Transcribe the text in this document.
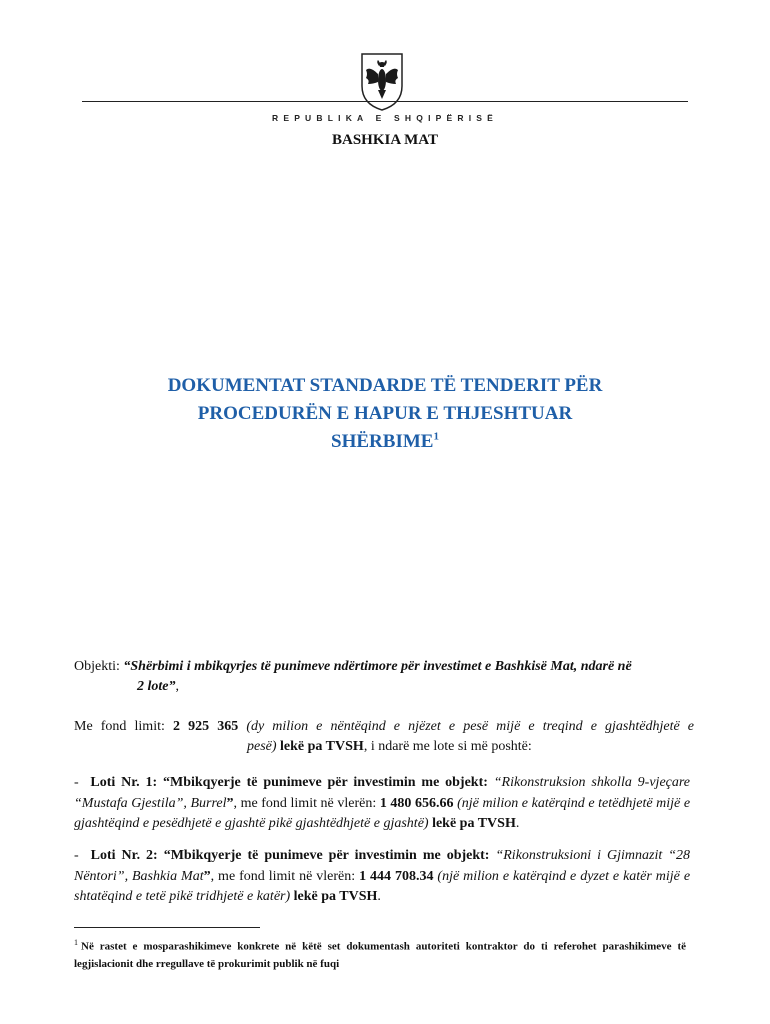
REPUBLIKA E SHQIPËRISË
BASHKIA MAT
DOKUMENTAT STANDARDE TË TENDERIT PËR
PROCEDURËN E HAPUR E THJESHTUAR
SHËRBIME$^1$
Objekti: “Shërbimi i mbikqyrjes të punimeve ndërtimore për investimet e Bashkisë Mat, ndarë në
2 lote”,
Me fond limit: 2 925 365 (dy milion e nëntëqind e njëzet e pesë mijë e treqind e gjashtëdhjetë e
pesë) lekë pa TVSH, i ndarë me lote si më poshtë:
- Loti Nr. 1: “Mbikqyerje të punimeve për investimin me objekt: “Rikonstruksion shkolla 9-vjeçare “Mustafa Gjestila”, Burrel”, me fond limit në vlerën: 1 480 656.66 (një milion e katërqind e tetëdhjetë mijë e gjashtëqind e pesëdhjetë e gjashtë pikë gjashtëdhjetë e gjashtë) lekë pa TVSH.
- Loti Nr. 2: “Mbikqyerje të punimeve për investimin me objekt: “Rikonstruksioni i Gjimnazit “28 Nëntori”, Bashkia Mat”, me fond limit në vlerën: 1 444 708.34 (një milion e katërqind e dyzet e katër mijë e shtatëqind e tetë pikë tridhjetë e katër) lekë pa TVSH.
$^1$ Në rastet e mosparashikimeve konkrete në këtë set dokumentash autoriteti kontraktor do ti referohet parashikimeve të legjislacionit dhe rregullave të prokurimit publik në fuqi
